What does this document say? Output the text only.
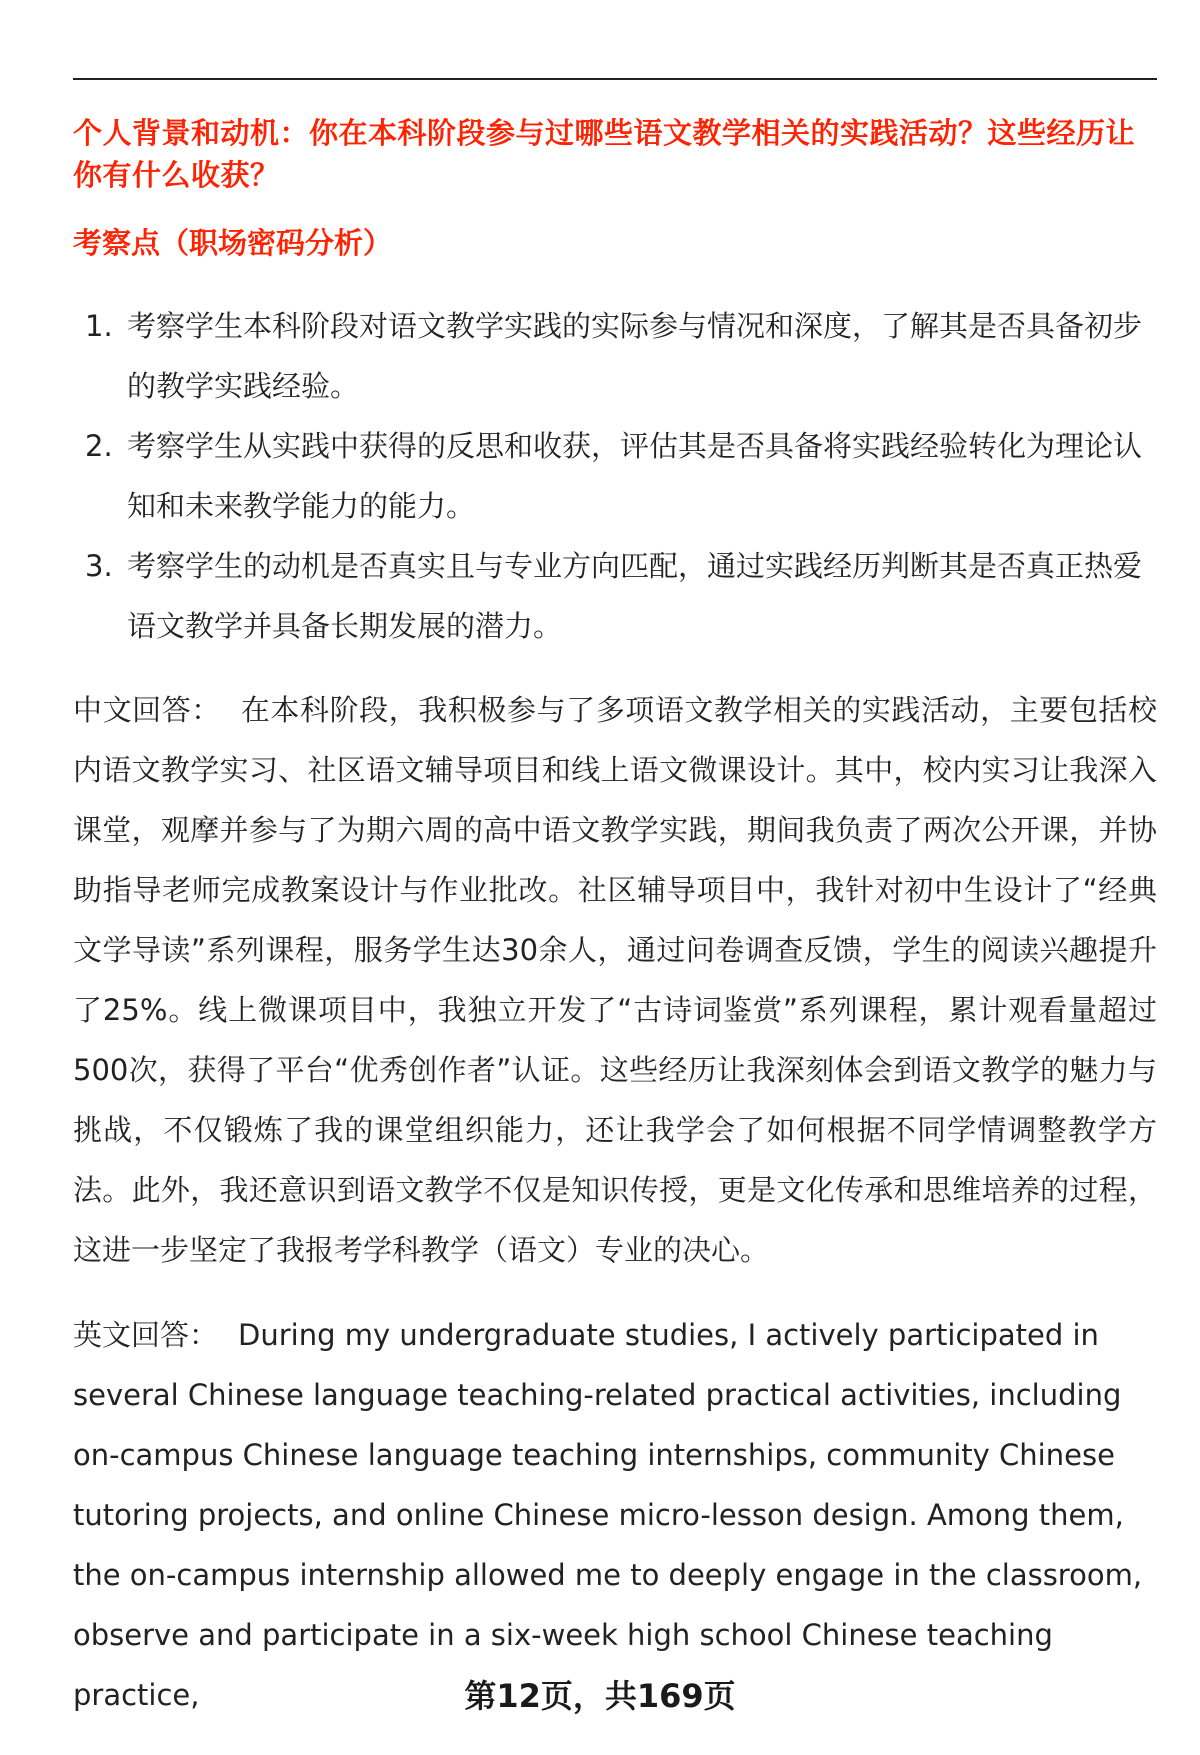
个人背景和动机：你在本科阶段参与过哪些语文教学相关的实践活动？这些经历让你有什么收获？

考察点（职场密码分析）

1. 考察学生本科阶段对语文教学实践的实际参与情况和深度，了解其是否具备初步的教学实践经验。
2. 考察学生从实践中获得的反思和收获，评估其是否具备将实践经验转化为理论认知和未来教学能力的能力。
3. 考察学生的动机是否真实且与专业方向匹配，通过实践经历判断其是否真正热爱语文教学并具备长期发展的潜力。

中文回答： 在本科阶段，我积极参与了多项语文教学相关的实践活动，主要包括校内语文教学实习、社区语文辅导项目和线上语文微课设计。其中，校内实习让我深入课堂，观摩并参与了为期六周的高中语文教学实践，期间我负责了两次公开课，并协助指导老师完成教案设计与作业批改。社区辅导项目中，我针对初中生设计了“经典文学导读”系列课程，服务学生达30余人，通过问卷调查反馈，学生的阅读兴趣提升了25%。线上微课项目中，我独立开发了“古诗词鉴赏”系列课程，累计观看量超过500次，获得了平台“优秀创作者”认证。这些经历让我深刻体会到语文教学的魅力与挑战，不仅锻炼了我的课堂组织能力，还让我学会了如何根据不同学情调整教学方法。此外，我还意识到语文教学不仅是知识传授，更是文化传承和思维培养的过程，这进一步坚定了我报考学科教学（语文）专业的决心。

英文回答： During my undergraduate studies, I actively participated in several Chinese language teaching-related practical activities, including on-campus Chinese language teaching internships, community Chinese tutoring projects, and online Chinese micro-lesson design. Among them, the on-campus internship allowed me to deeply engage in the classroom, observe and participate in a six-week high school Chinese teaching practice,	第12页，共169页
